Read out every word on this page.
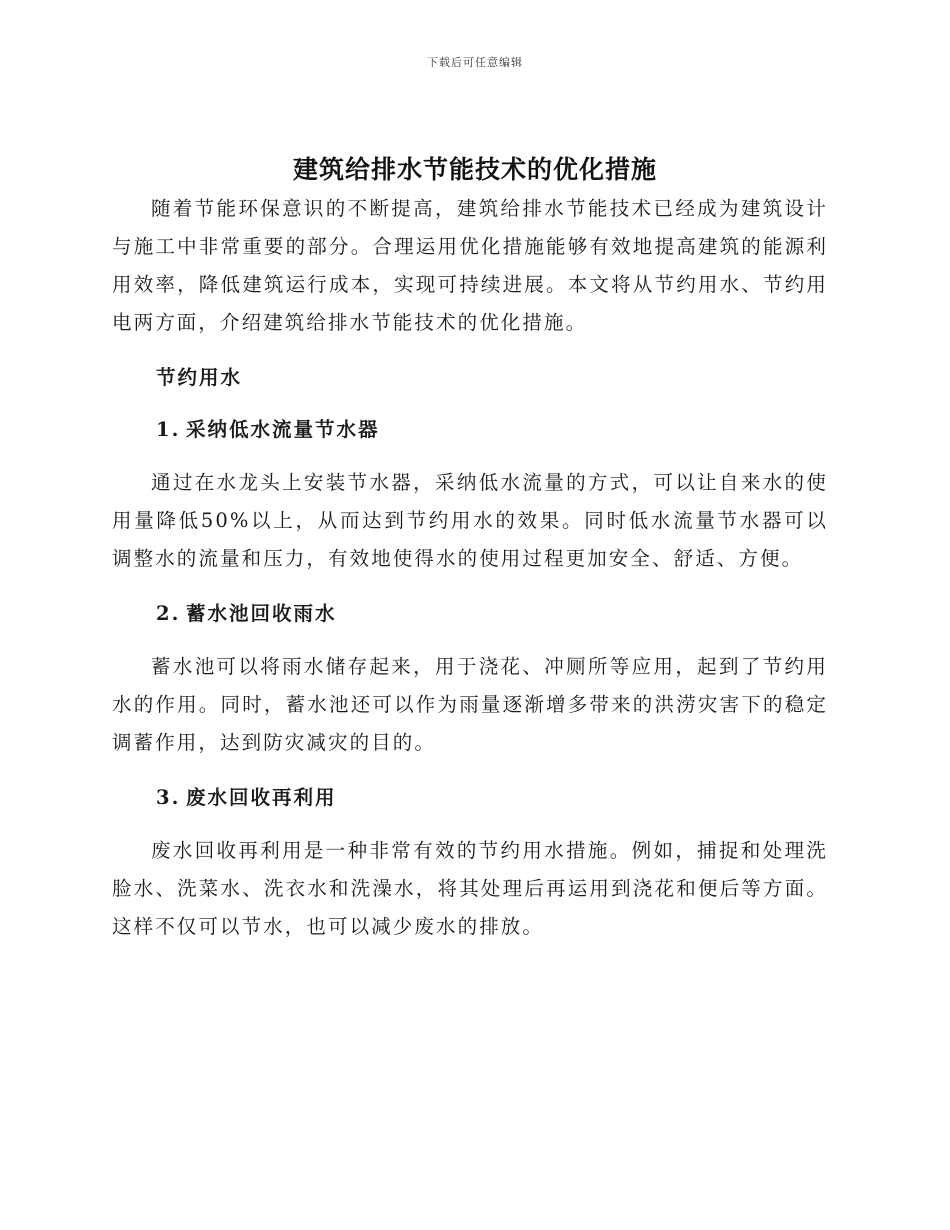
下载后可任意编辑
建筑给排水节能技术的优化措施

随着节能环保意识的不断提高，建筑给排水节能技术已经成为建筑设计与施工中非常重要的部分。合理运用优化措施能够有效地提高建筑的能源利用效率，降低建筑运行成本，实现可持续进展。本文将从节约用水、节约用电两方面，介绍建筑给排水节能技术的优化措施。

节约用水

1. 采纳低水流量节水器

通过在水龙头上安装节水器，采纳低水流量的方式，可以让自来水的使用量降低50%以上，从而达到节约用水的效果。同时低水流量节水器可以调整水的流量和压力，有效地使得水的使用过程更加安全、舒适、方便。

2. 蓄水池回收雨水

蓄水池可以将雨水储存起来，用于浇花、冲厕所等应用，起到了节约用水的作用。同时，蓄水池还可以作为雨量逐渐增多带来的洪涝灾害下的稳定调蓄作用，达到防灾减灾的目的。

3. 废水回收再利用

废水回收再利用是一种非常有效的节约用水措施。例如，捕捉和处理洗脸水、洗菜水、洗衣水和洗澡水，将其处理后再运用到浇花和便后等方面。这样不仅可以节水，也可以减少废水的排放。
